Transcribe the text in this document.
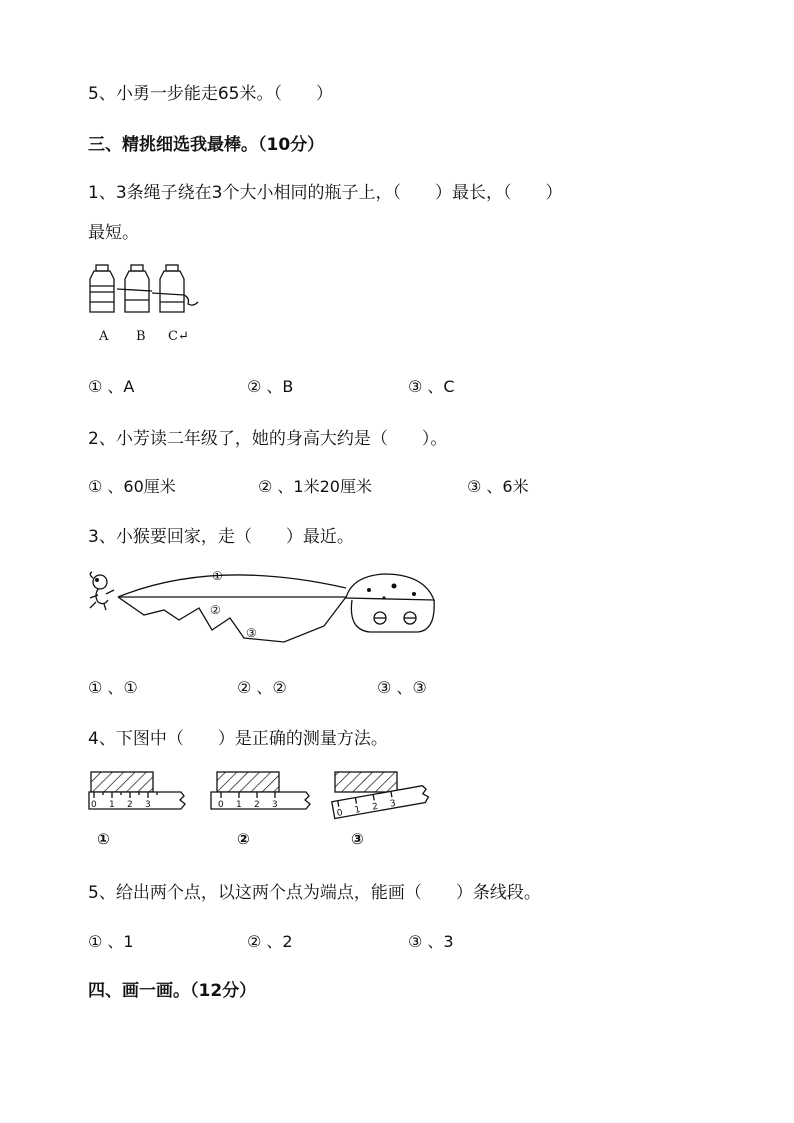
5、小勇一步能走65米。（　　）
三、精挑细选我最棒。（10分）
1、3条绳子绕在3个大小相同的瓶子上，（　　）最长，（　　）
最短。
A B C↵
① 、A	② 、B	③ 、C
2、小芳读二年级了，她的身高大约是（　　）。
① 、60厘米	② 、1米20厘米	③ 、6米
3、小猴要回家，走（　　）最近。
①
②
③
① 、①	② 、②	③ 、③
4、下图中（　　）是正确的测量方法。
0 1 2 3	0 1 2 3
0 1 2 3
①	②	③
5、给出两个点，以这两个点为端点，能画（　　）条线段。
① 、1	② 、2	③ 、3
四、画一画。（12分）
